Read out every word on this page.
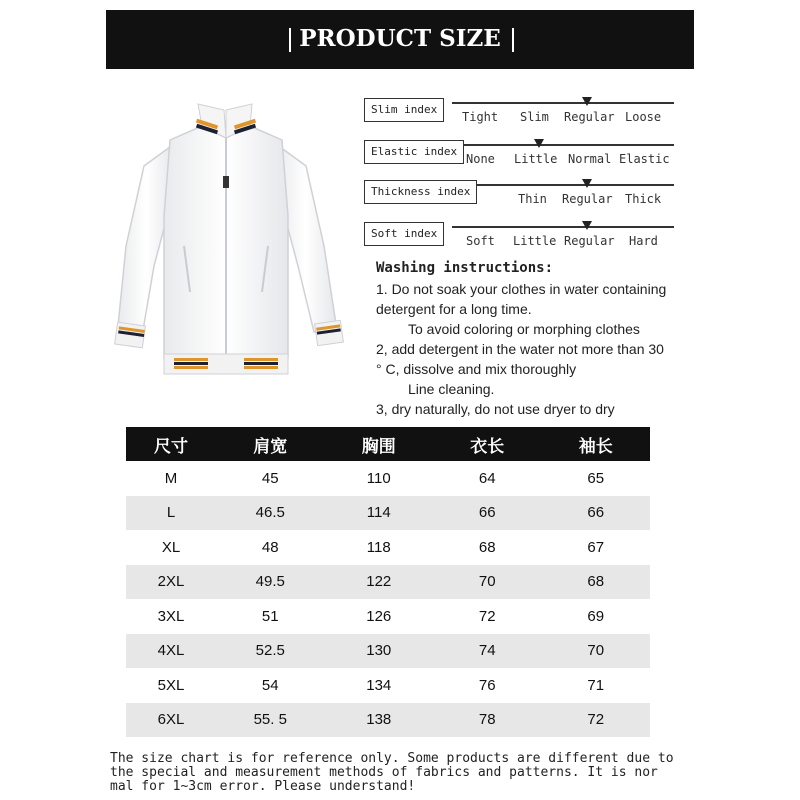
PRODUCT SIZE
Slim index
Tight Slim Regular Loose
Elastic index
None Little Normal Elastic
Thickness index
Thin Regular Thick
Soft index
Soft Little Regular Hard
Washing instructions:
1. Do not soak your clothes in water containing
detergent for a long time.
To avoid coloring or morphing clothes
2, add detergent in the water not more than 30
° C, dissolve and mix thoroughly
Line cleaning.
3, dry naturally, do not use dryer to dry
尺寸	肩宽	胸围	衣长	袖长
M	45	110	64	65
L	46.5	114	66	66
XL	48	118	68	67
2XL	49.5	122	70	68
3XL	51	126	72	69
4XL	52.5	130	74	70
5XL	54	134	76	71
6XL	55. 5	138	78	72
The size chart is for reference only. Some products are different due to
the special and measurement methods of fabrics and patterns. It is nor
mal for 1~3cm error. Please understand!
